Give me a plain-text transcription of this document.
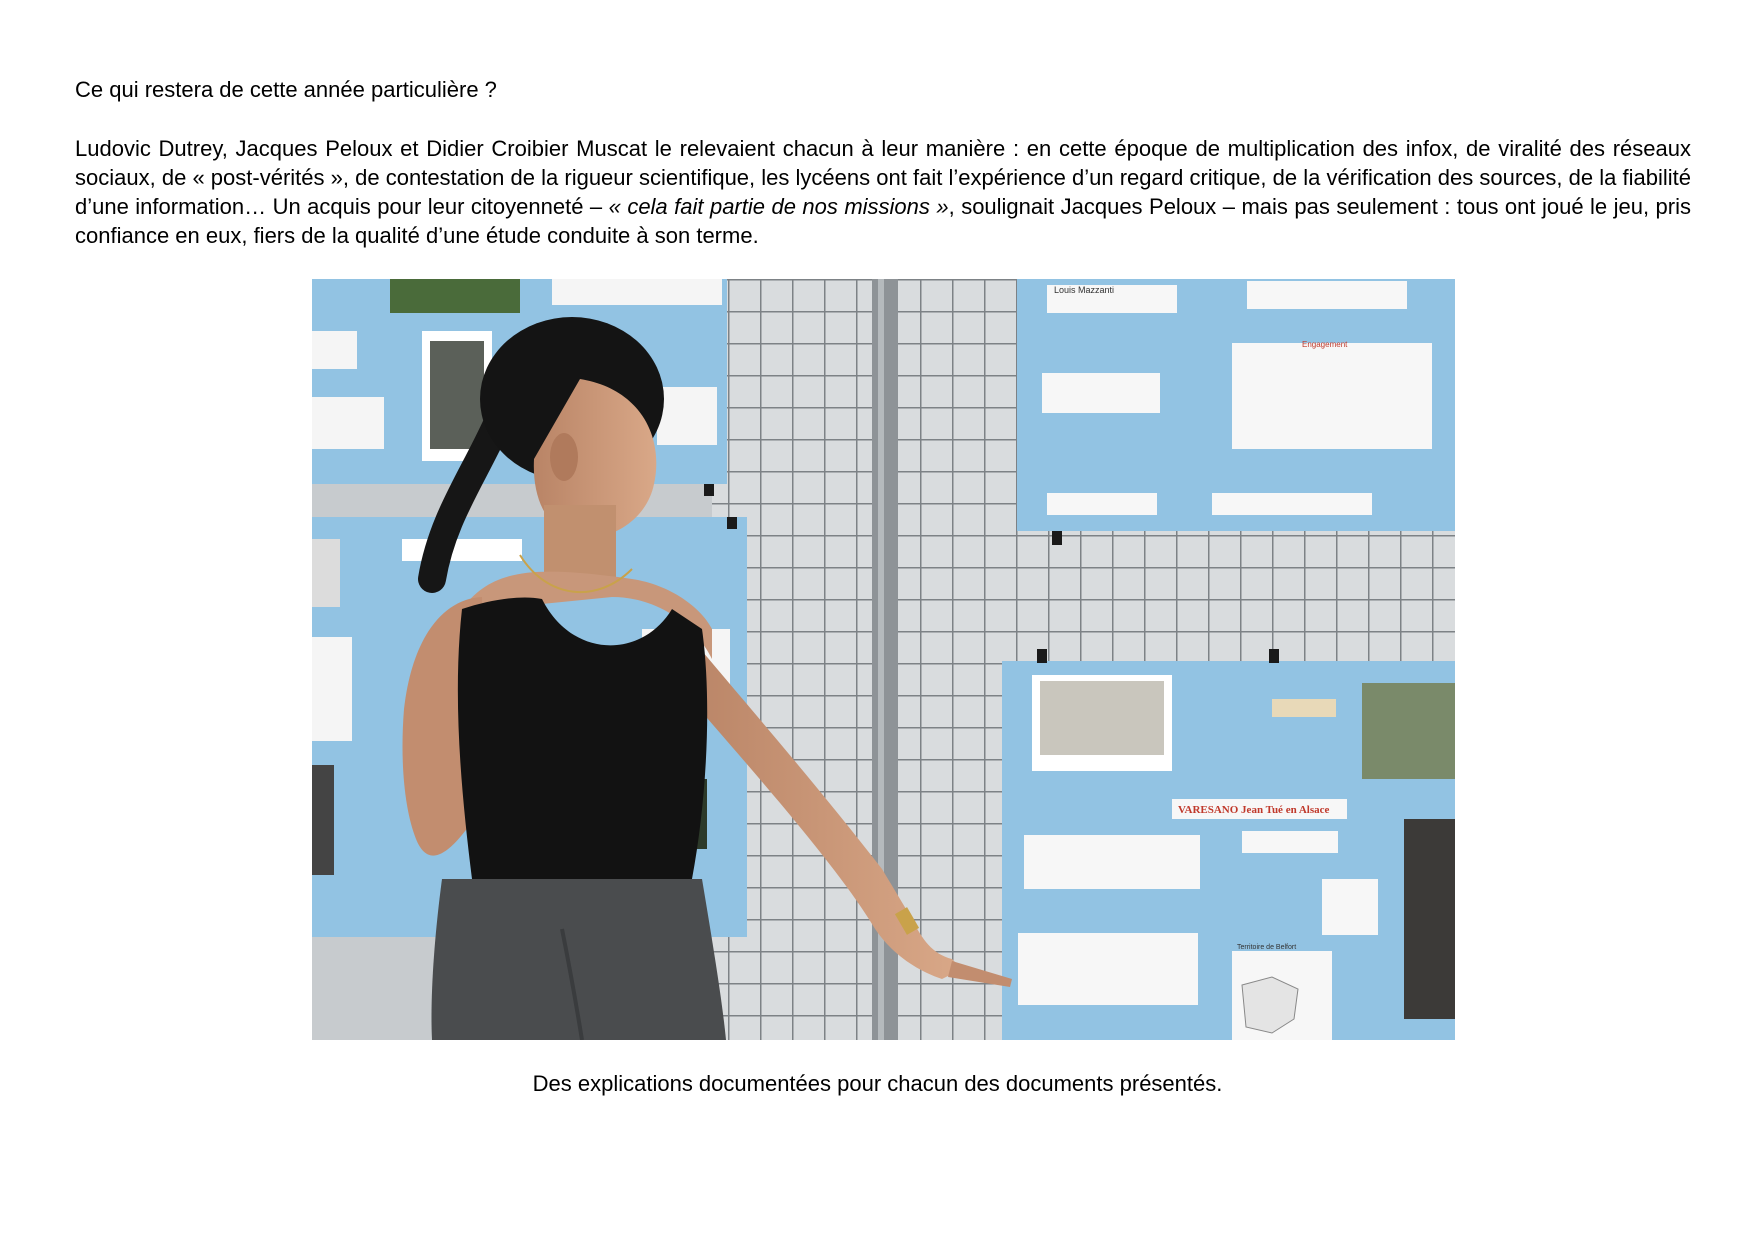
Ce qui restera de cette année particulière ?

Ludovic Dutrey, Jacques Peloux et Didier Croibier Muscat le relevaient chacun à leur manière : en cette époque de multiplication des infox, de viralité des réseaux sociaux, de « post-vérités », de contestation de la rigueur scientifique, les lycéens ont fait l’expérience d’un regard critique, de la vérification des sources, de la fiabilité d’une information… Un acquis pour leur citoyenneté – « cela fait partie de nos missions », soulignait Jacques Peloux – mais pas seulement : tous ont joué le jeu, pris confiance en eux, fiers de la qualité d’une étude conduite à son terme.

Louis Mazzanti
Engagement
VARESANO Jean Tué en Alsace
Territoire de Belfort

Des explications documentées pour chacun des documents présentés.
